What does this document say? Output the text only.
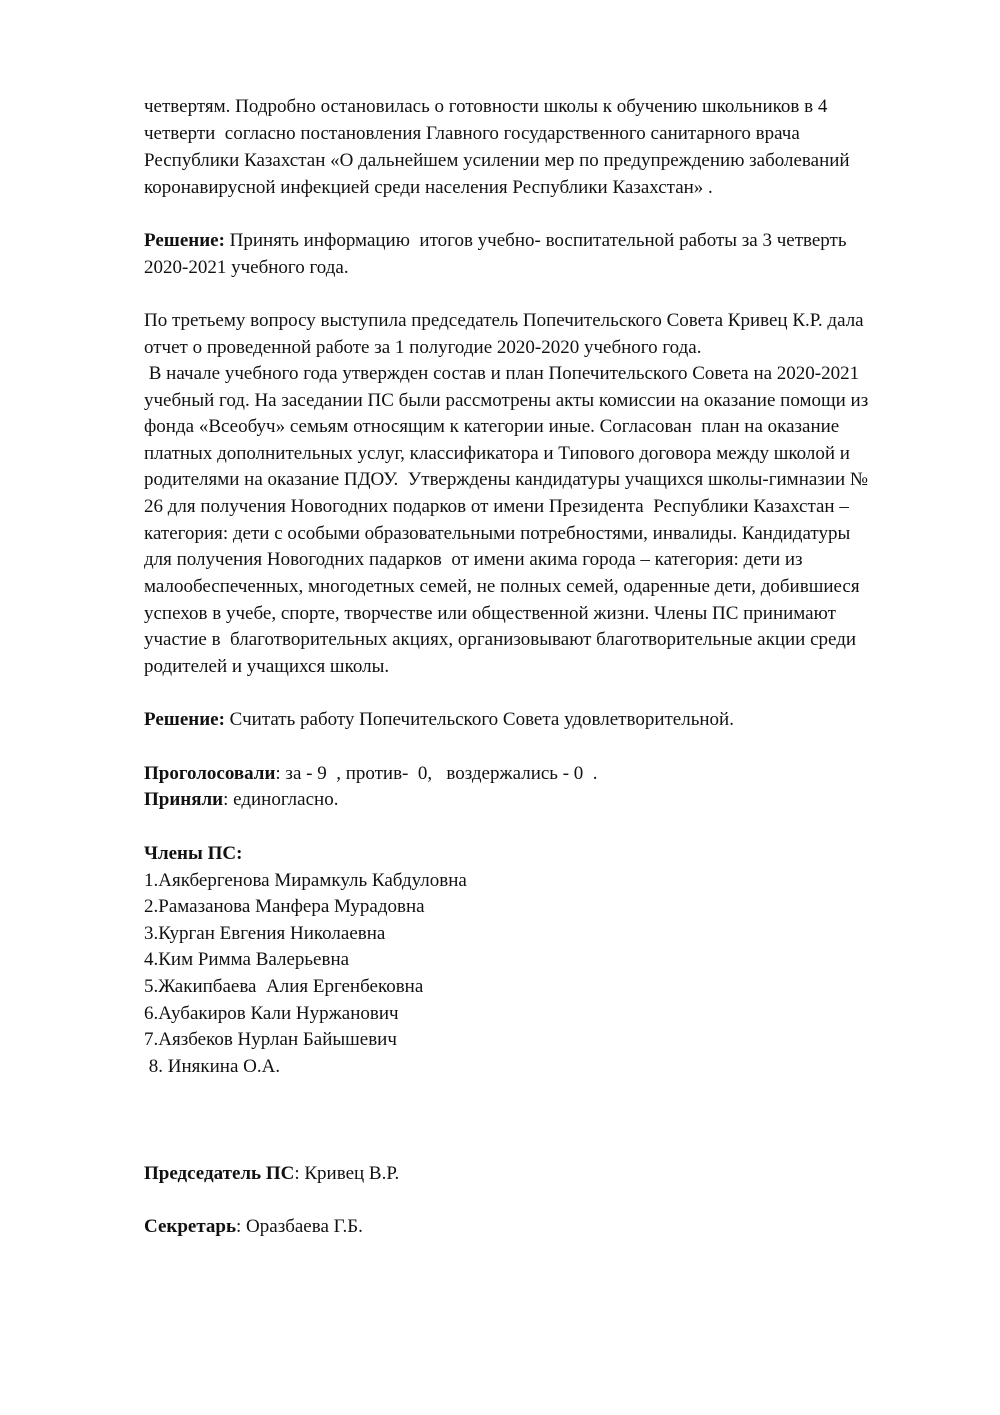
четвертям. Подробно остановилась о готовности школы к обучению школьников в 4
четверти  согласно постановления Главного государственного санитарного врача
Республики Казахстан «О дальнейшем усилении мер по предупреждению заболеваний
коронавирусной инфекцией среди населения Республики Казахстан» .
Решение: Принять информацию  итогов учебно- воспитательной работы за 3 четверть
2020-2021 учебного года.
По третьему вопросу выступила председатель Попечительского Совета Кривец К.Р. дала
отчет о проведенной работе за 1 полугодие 2020-2020 учебного года.
В начале учебного года утвержден состав и план Попечительского Совета на 2020-2021
учебный год. На заседании ПС были рассмотрены акты комиссии на оказание помощи из
фонда «Всеобуч» семьям относящим к категории иные. Согласован  план на оказание
платных дополнительных услуг, классификатора и Типового договора между школой и
родителями на оказание ПДОУ.  Утверждены кандидатуры учащихся школы-гимназии №
26 для получения Новогодних подарков от имени Президента  Республики Казахстан –
категория: дети с особыми образовательными потребностями, инвалиды. Кандидатуры
для получения Новогодних падарков  от имени акима города – категория: дети из
малообеспеченных, многодетных семей, не полных семей, одаренные дети, добившиеся
успехов в учебе, спорте, творчестве или общественной жизни. Члены ПС принимают
участие в  благотворительных акциях, организовывают благотворительные акции среди
родителей и учащихся школы.
Решение: Считать работу Попечительского Совета удовлетворительной.
Проголосовали: за - 9  , против-  0,   воздержались - 0  .
Приняли: единогласно.
Члены ПС:
1.Аякбергенова Мирамкуль Кабдуловна
2.Рамазанова Манфера Мурадовна
3.Курган Евгения Николаевна
4.Ким Римма Валерьевна
5.Жакипбаева  Алия Ергенбековна
6.Аубакиров Кали Нуржанович
7.Аязбеков Нурлан Байышевич
8. Инякина О.А.
Председатель ПС: Кривец В.Р.
Секретарь: Оразбаева Г.Б.
